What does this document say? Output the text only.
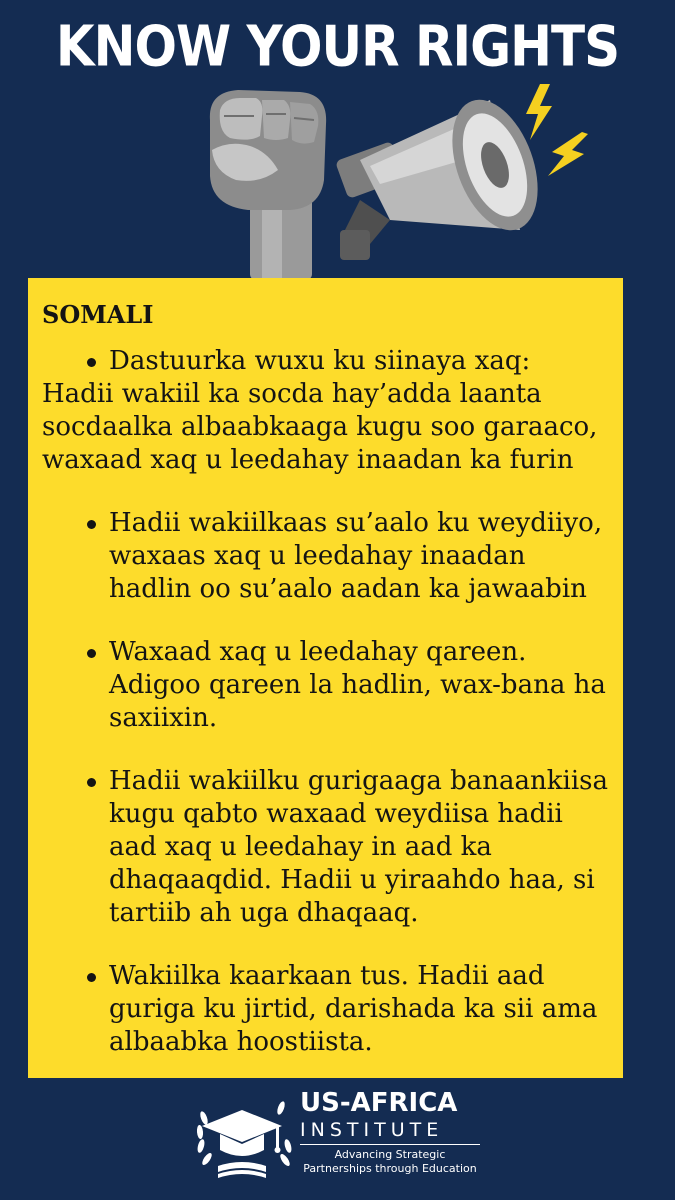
KNOW YOUR RIGHTS
SOMALI
Dastuurka wuxu ku siinaya xaq:
Hadii wakiil ka socda hay’adda laanta socdaalka albaabkaaga kugu soo garaaco, waxaad xaq u leedahay inaadan ka furin
Hadii wakiilkaas su’aalo ku weydiiyo, waxaas xaq u leedahay inaadan hadlin oo su’aalo aadan ka jawaabin
Waxaad xaq u leedahay qareen. Adigoo qareen la hadlin, wax-bana ha saxiixin.
Hadii wakiilku gurigaaga banaankiisa kugu qabto waxaad weydiisa hadii aad xaq u leedahay in aad ka dhaqaaqdid. Hadii u yiraahdo haa, si tartiib ah uga dhaqaaq.
Wakiilka kaarkaan tus. Hadii aad guriga ku jirtid, darishada ka sii ama albaabka hoostiista.
US-AFRICA
INSTITUTE
Advancing Strategic Partnerships through Education
